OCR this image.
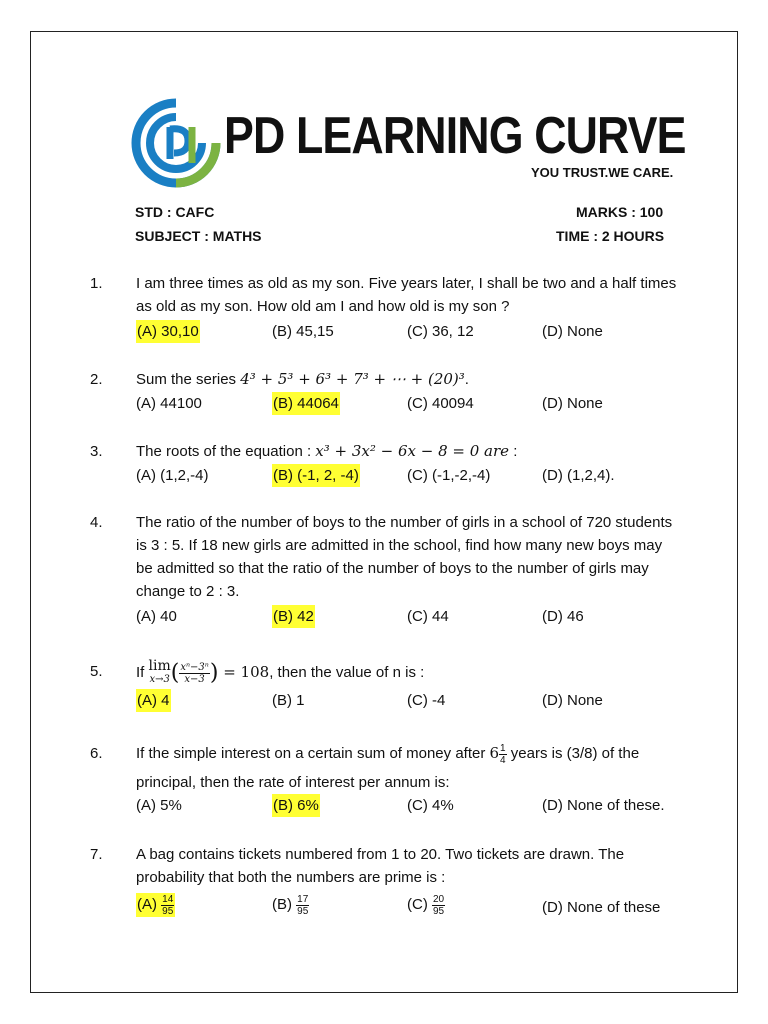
PD LEARNING CURVE
YOU TRUST.WE CARE.
STD : CAFC
SUBJECT : MATHS
MARKS : 100
TIME : 2 HOURS
1. I am three times as old as my son. Five years later, I shall be two and a half times as old as my son. How old am I and how old is my son ?
(A) 30,10	(B) 45,15	(C) 36, 12	(D) None
2. Sum the series 4³ + 5³ + 6³ + 7³ + ⋯ + (20)³.
(A) 44100	(B) 44064	(C) 40094	(D) None
3. The roots of the equation : x³ + 3x² − 6x − 8 = 0 are :
(A) (1,2,-4)	(B) (-1, 2, -4)	(C) (-1,-2,-4)	(D) (1,2,4).
4. The ratio of the number of boys to the number of girls in a school of 720 students is 3 : 5. If 18 new girls are admitted in the school, find how many new boys may be admitted so that the ratio of the number of boys to the number of girls may change to 2 : 3.
(A) 40	(B) 42	(C) 44	(D) 46
5. If lim
x→3 ( $\frac{\text{xⁿ−3ⁿ}}{x-3}$ ) = 108, then the value of n is :
(A) 4	(B) 1	(C) -4	(D) None
6. If the simple interest on a certain sum of money after $6 \frac{1}{4}$ years is (3/8) of the
principal, then the rate of interest per annum is:
(A) 5%	(B) 6%	(C) 4%	(D) None of these.
7. A bag contains tickets numbered from 1 to 20. Two tickets are drawn. The probability that both the numbers are prime is :
$(A) \frac{14}{95}$	$(B) \frac{17}{95}$	$(C) \frac{20}{95}$	(D) None of these
